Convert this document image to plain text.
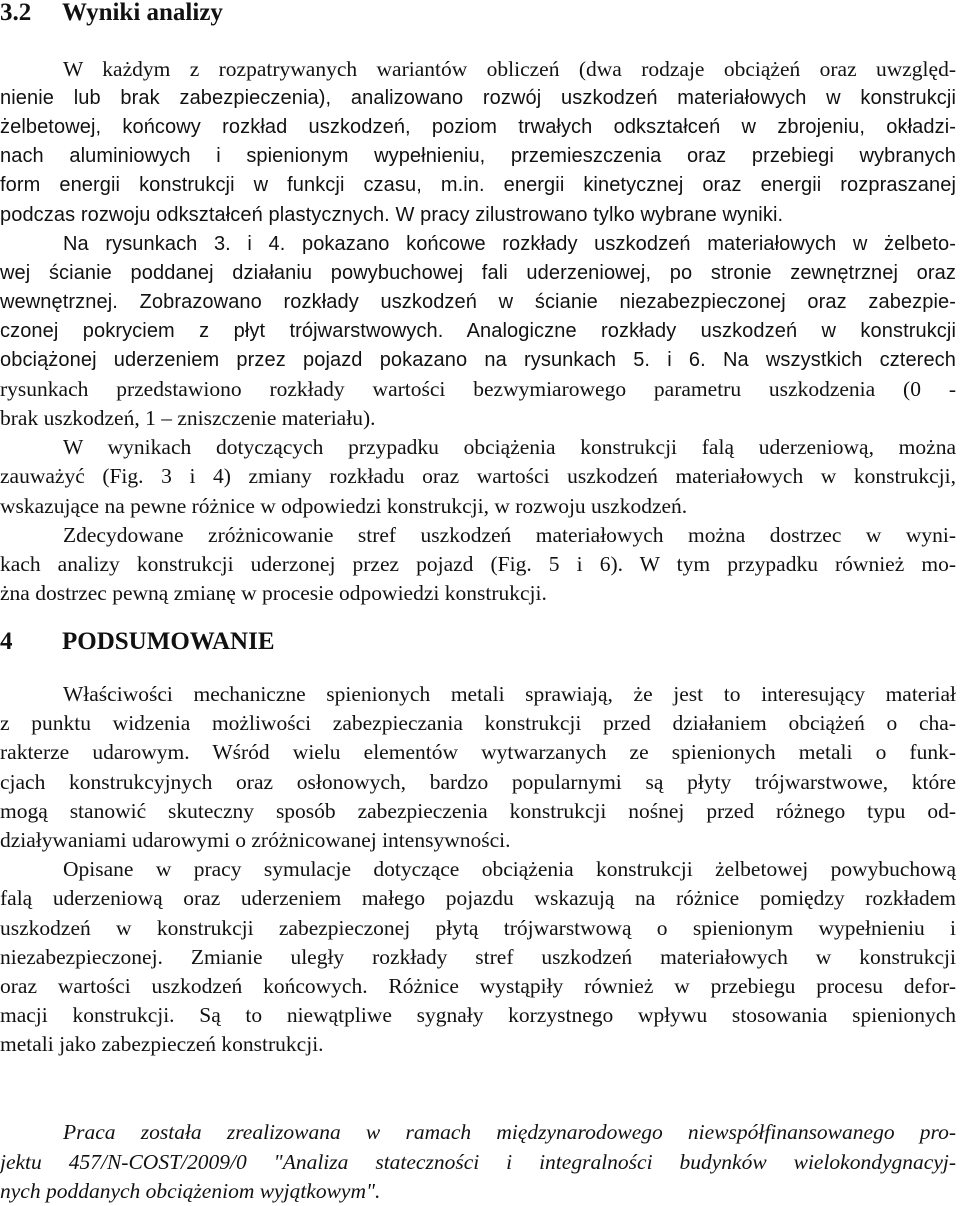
3.2 Wyniki analizy
W każdym z rozpatrywanych wariantów obliczeń (dwa rodzaje obciążeń oraz uwzględ-
nienie lub brak zabezpieczenia), analizowano rozwój uszkodzeń materiałowych w konstrukcji
żelbetowej, końcowy rozkład uszkodzeń, poziom trwałych odkształceń w zbrojeniu, okładzi-
nach aluminiowych i spienionym wypełnieniu, przemieszczenia oraz przebiegi wybranych
form energii konstrukcji w funkcji czasu, m.in. energii kinetycznej oraz energii rozpraszanej
podczas rozwoju odkształceń plastycznych. W pracy zilustrowano tylko wybrane wyniki.
Na rysunkach 3. i 4. pokazano końcowe rozkłady uszkodzeń materiałowych w żelbeto-
wej ścianie poddanej działaniu powybuchowej fali uderzeniowej, po stronie zewnętrznej oraz
wewnętrznej. Zobrazowano rozkłady uszkodzeń w ścianie niezabezpieczonej oraz zabezpie-
czonej pokryciem z płyt trójwarstwowych. Analogiczne rozkłady uszkodzeń w konstrukcji
obciążonej uderzeniem przez pojazd pokazano na rysunkach 5. i 6. Na wszystkich czterech
rysunkach przedstawiono rozkłady wartości bezwymiarowego parametru uszkodzenia (0 -
brak uszkodzeń, 1 – zniszczenie materiału).
W wynikach dotyczących przypadku obciążenia konstrukcji falą uderzeniową, można
zauważyć (Fig. 3 i 4) zmiany rozkładu oraz wartości uszkodzeń materiałowych w konstrukcji,
wskazujące na pewne różnice w odpowiedzi konstrukcji, w rozwoju uszkodzeń.
Zdecydowane zróżnicowanie stref uszkodzeń materiałowych można dostrzec w wyni-
kach analizy konstrukcji uderzonej przez pojazd (Fig. 5 i 6). W tym przypadku również mo-
żna dostrzec pewną zmianę w procesie odpowiedzi konstrukcji.
4 PODSUMOWANIE
Właściwości mechaniczne spienionych metali sprawiają, że jest to interesujący materiał
z punktu widzenia możliwości zabezpieczania konstrukcji przed działaniem obciążeń o cha-
rakterze udarowym. Wśród wielu elementów wytwarzanych ze spienionych metali o funk-
cjach konstrukcyjnych oraz osłonowych, bardzo popularnymi są płyty trójwarstwowe, które
mogą stanowić skuteczny sposób zabezpieczenia konstrukcji nośnej przed różnego typu od-
działywaniami udarowymi o zróżnicowanej intensywności.
Opisane w pracy symulacje dotyczące obciążenia konstrukcji żelbetowej powybuchową
falą uderzeniową oraz uderzeniem małego pojazdu wskazują na różnice pomiędzy rozkładem
uszkodzeń w konstrukcji zabezpieczonej płytą trójwarstwową o spienionym wypełnieniu i
niezabezpieczonej. Zmianie uległy rozkłady stref uszkodzeń materiałowych w konstrukcji
oraz wartości uszkodzeń końcowych. Różnice wystąpiły również w przebiegu procesu defor-
macji konstrukcji. Są to niewątpliwe sygnały korzystnego wpływu stosowania spienionych
metali jako zabezpieczeń konstrukcji.
Praca została zrealizowana w ramach międzynarodowego niewspółfinansowanego pro-
jektu 457/N-COST/2009/0 "Analiza stateczności i integralności budynków wielokondygnacyj-
nych poddanych obciążeniom wyjątkowym".
